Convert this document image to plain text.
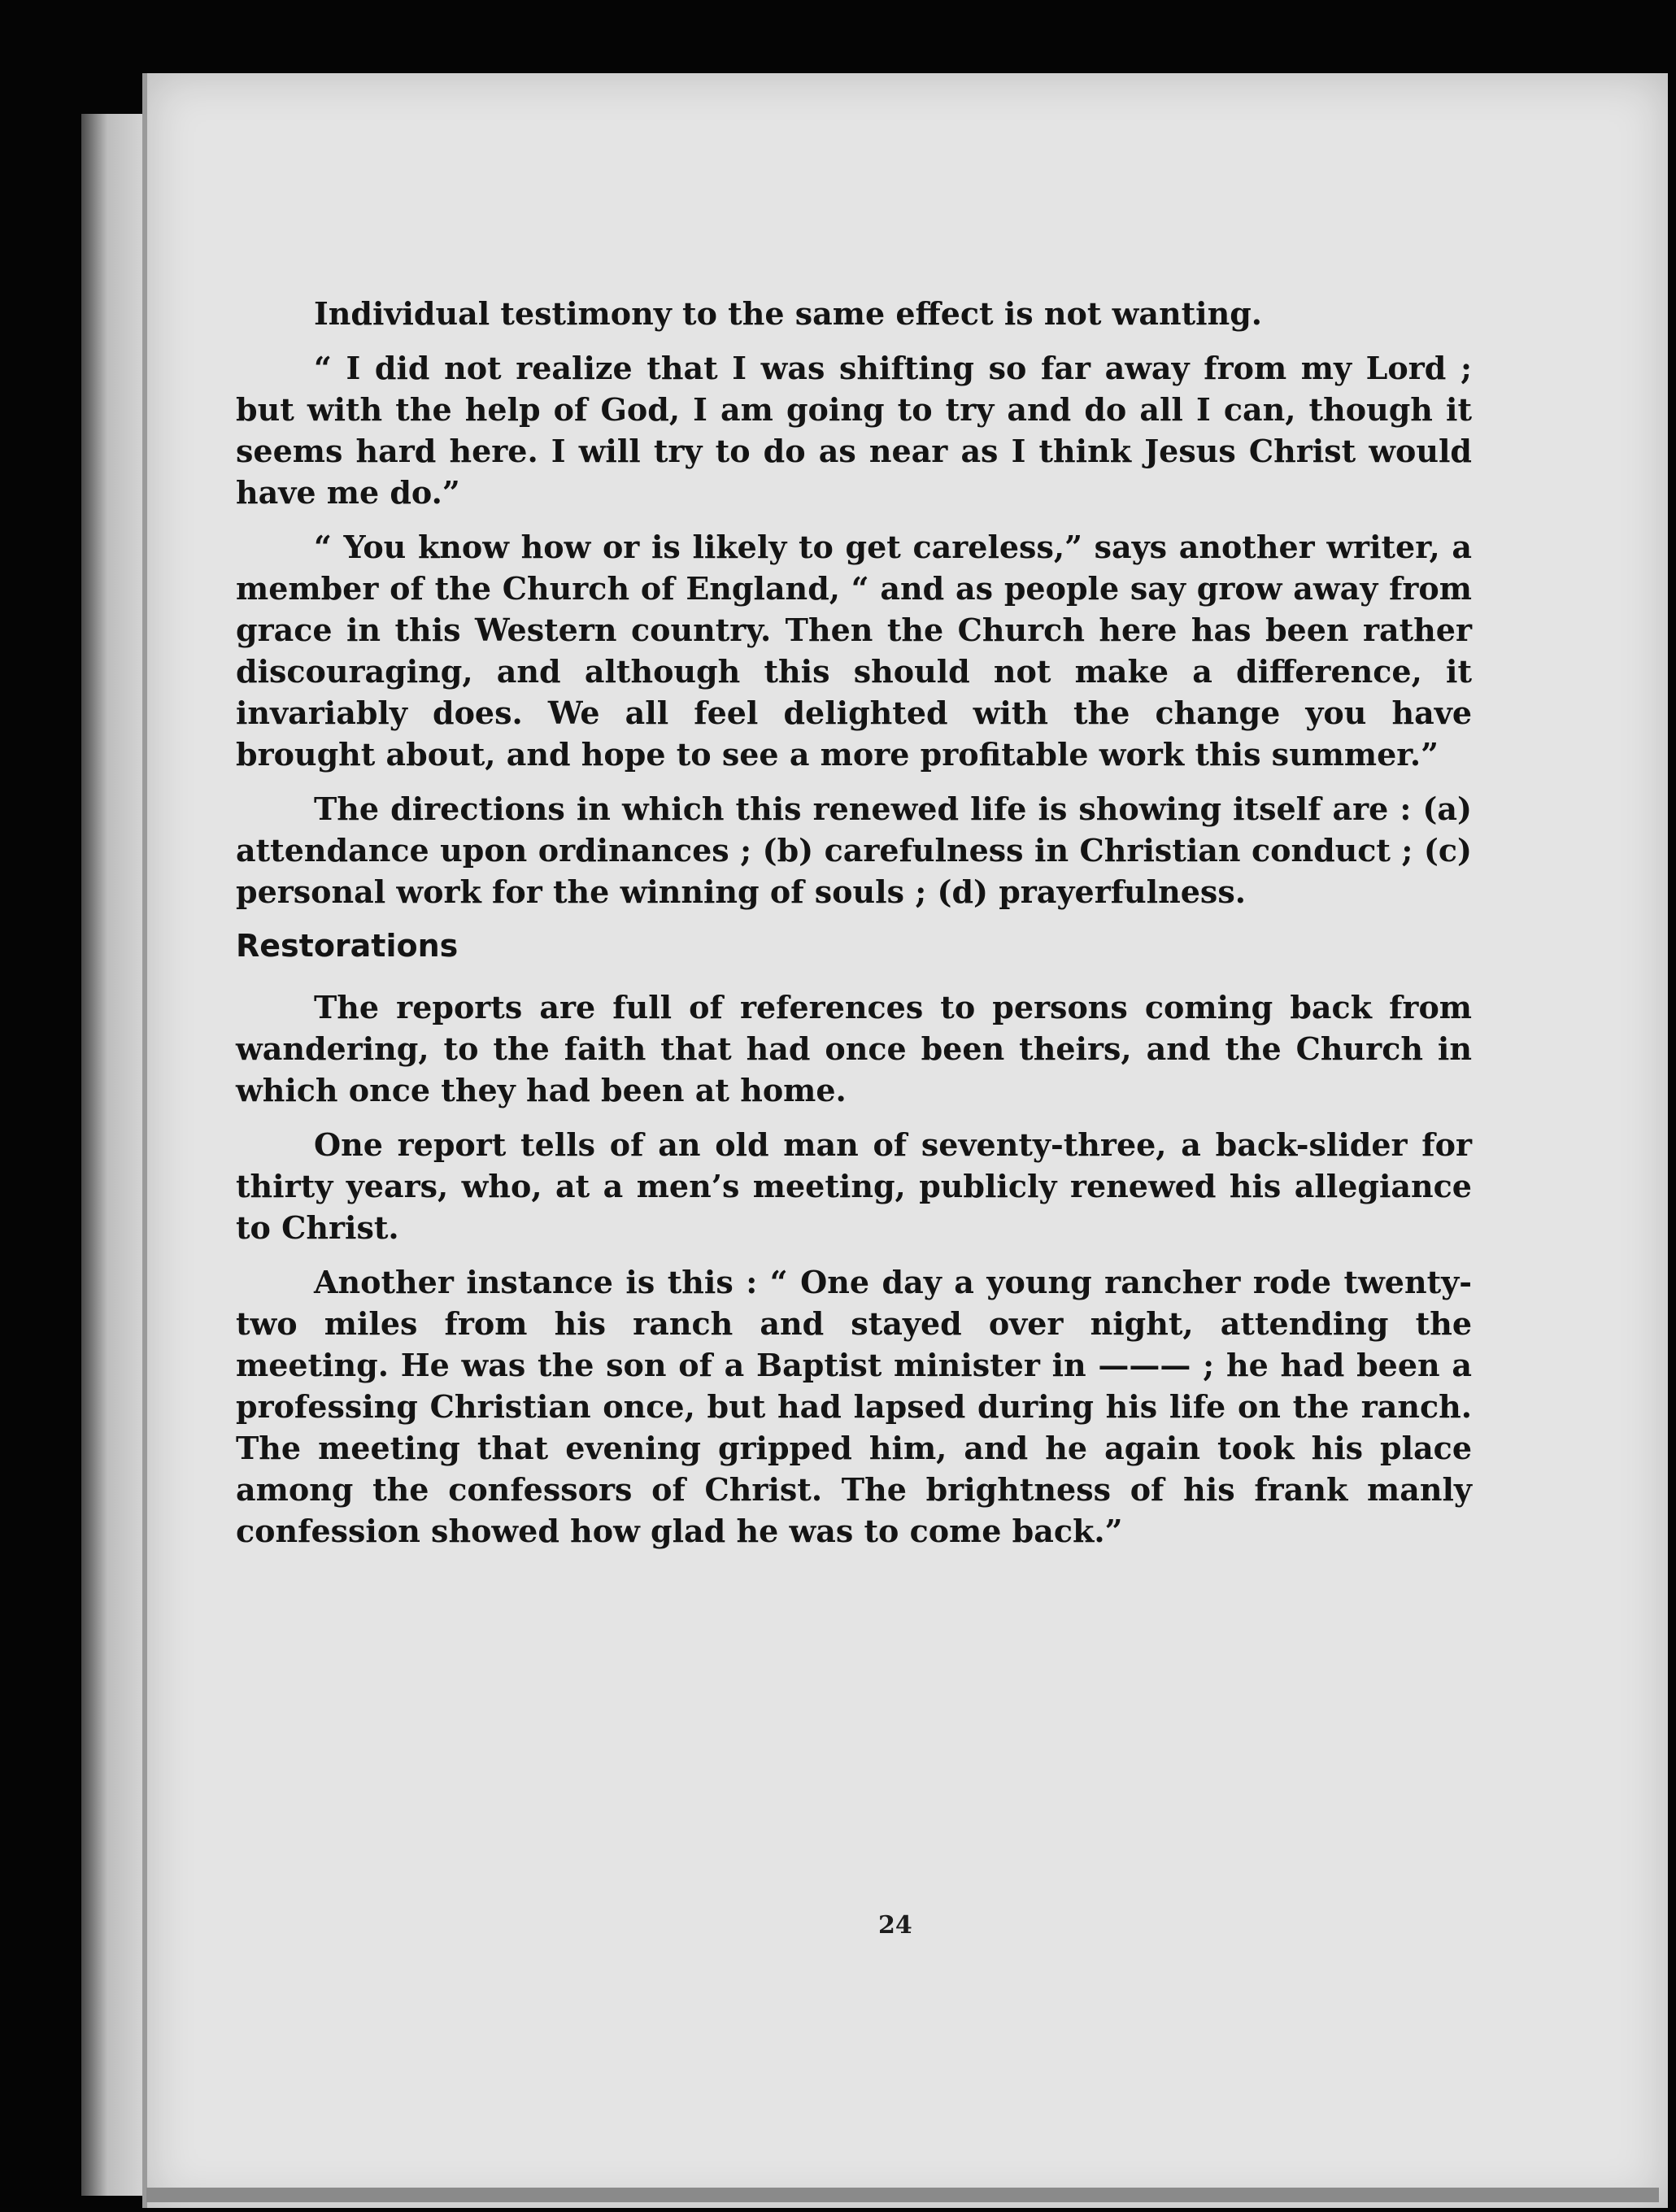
Individual testimony to the same effect is not wanting.

“ I did not realize that I was shifting so far away from my Lord ; but with the help of God, I am going to try and do all I can, though it seems hard here. I will try to do as near as I think Jesus Christ would have me do.”

“ You know how or is likely to get careless,” says another writer, a member of the Church of England, “ and as people say grow away from grace in this Western country. Then the Church here has been rather discouraging, and although this should not make a difference, it invariably does. We all feel delighted with the change you have brought about, and hope to see a more profitable work this summer.”

The directions in which this renewed life is showing itself are : (a) attendance upon ordinances ; (b) carefulness in Christian conduct ; (c) personal work for the winning of souls ; (d) prayerfulness.

Restorations

The reports are full of references to persons coming back from wandering, to the faith that had once been theirs, and the Church in which once they had been at home.

One report tells of an old man of seventy-three, a back-slider for thirty years, who, at a men’s meeting, publicly renewed his allegiance to Christ.

Another instance is this : “ One day a young rancher rode twenty-two miles from his ranch and stayed over night, attending the meeting. He was the son of a Baptist minister in ——— ; he had been a professing Christian once, but had lapsed during his life on the ranch. The meeting that evening gripped him, and he again took his place among the confessors of Christ. The brightness of his frank manly confession showed how glad he was to come back.”

24
